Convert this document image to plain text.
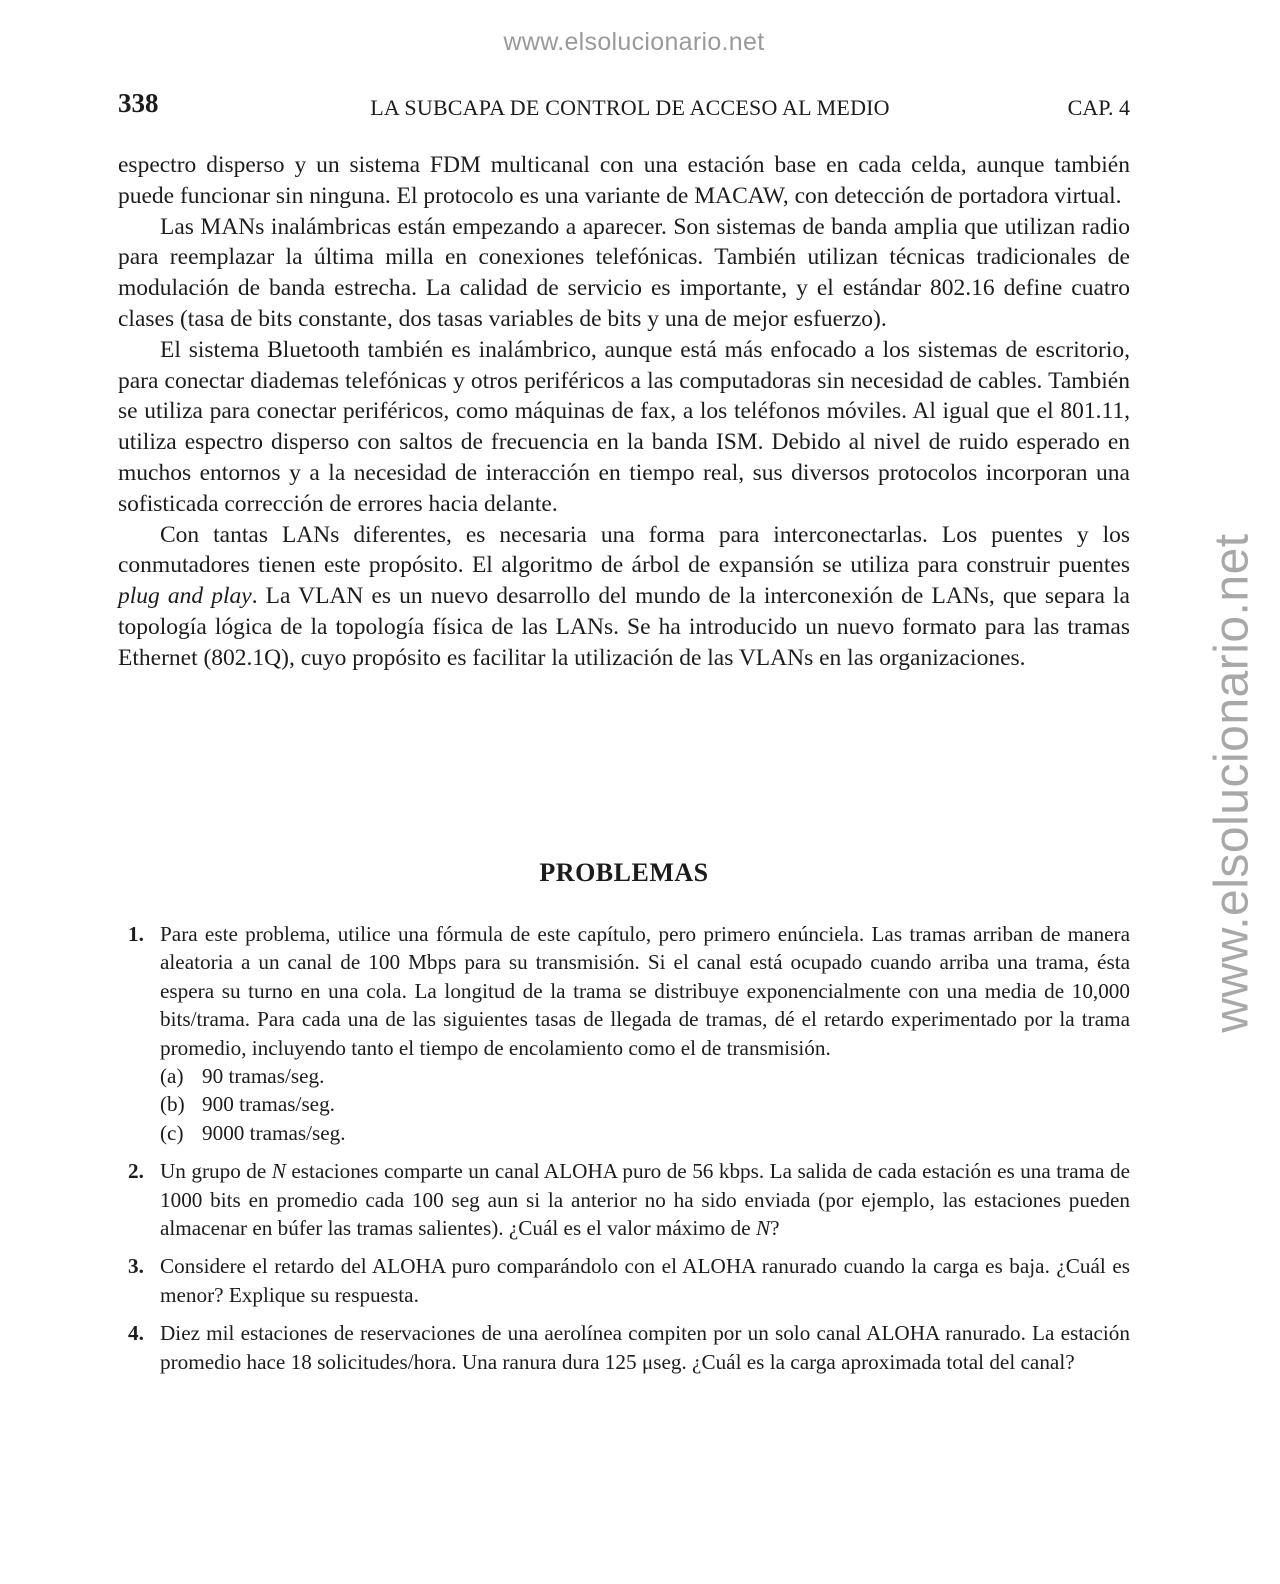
www.elsolucionario.net
www.elsolucionario.net
338	LA SUBCAPA DE CONTROL DE ACCESO AL MEDIO	CAP. 4

espectro disperso y un sistema FDM multicanal con una estación base en cada celda, aunque también puede funcionar sin ninguna. El protocolo es una variante de MACAW, con detección de portadora virtual.

Las MANs inalámbricas están empezando a aparecer. Son sistemas de banda amplia que utilizan radio para reemplazar la última milla en conexiones telefónicas. También utilizan técnicas tradicionales de modulación de banda estrecha. La calidad de servicio es importante, y el estándar 802.16 define cuatro clases (tasa de bits constante, dos tasas variables de bits y una de mejor esfuerzo).

El sistema Bluetooth también es inalámbrico, aunque está más enfocado a los sistemas de escritorio, para conectar diademas telefónicas y otros periféricos a las computadoras sin necesidad de cables. También se utiliza para conectar periféricos, como máquinas de fax, a los teléfonos móviles. Al igual que el 801.11, utiliza espectro disperso con saltos de frecuencia en la banda ISM. Debido al nivel de ruido esperado en muchos entornos y a la necesidad de interacción en tiempo real, sus diversos protocolos incorporan una sofisticada corrección de errores hacia delante.

Con tantas LANs diferentes, es necesaria una forma para interconectarlas. Los puentes y los conmutadores tienen este propósito. El algoritmo de árbol de expansión se utiliza para construir puentes plug and play. La VLAN es un nuevo desarrollo del mundo de la interconexión de LANs, que separa la topología lógica de la topología física de las LANs. Se ha introducido un nuevo formato para las tramas Ethernet (802.1Q), cuyo propósito es facilitar la utilización de las VLANs en las organizaciones.

PROBLEMAS
1. Para este problema, utilice una fórmula de este capítulo, pero primero enúnciela. Las tramas arriban de manera aleatoria a un canal de 100 Mbps para su transmisión. Si el canal está ocupado cuando arriba una trama, ésta espera su turno en una cola. La longitud de la trama se distribuye exponencialmente con una media de 10,000 bits/trama. Para cada una de las siguientes tasas de llegada de tramas, dé el retardo experimentado por la trama promedio, incluyendo tanto el tiempo de encolamiento como el de transmisión.
(a) 90 tramas/seg.
(b) 900 tramas/seg.
(c) 9000 tramas/seg.
2. Un grupo de N estaciones comparte un canal ALOHA puro de 56 kbps. La salida de cada estación es una trama de 1000 bits en promedio cada 100 seg aun si la anterior no ha sido enviada (por ejemplo, las estaciones pueden almacenar en búfer las tramas salientes). ¿Cuál es el valor máximo de N?
3. Considere el retardo del ALOHA puro comparándolo con el ALOHA ranurado cuando la carga es baja. ¿Cuál es menor? Explique su respuesta.
4. Diez mil estaciones de reservaciones de una aerolínea compiten por un solo canal ALOHA ranurado. La estación promedio hace 18 solicitudes/hora. Una ranura dura 125 μseg. ¿Cuál es la carga aproximada total del canal?
